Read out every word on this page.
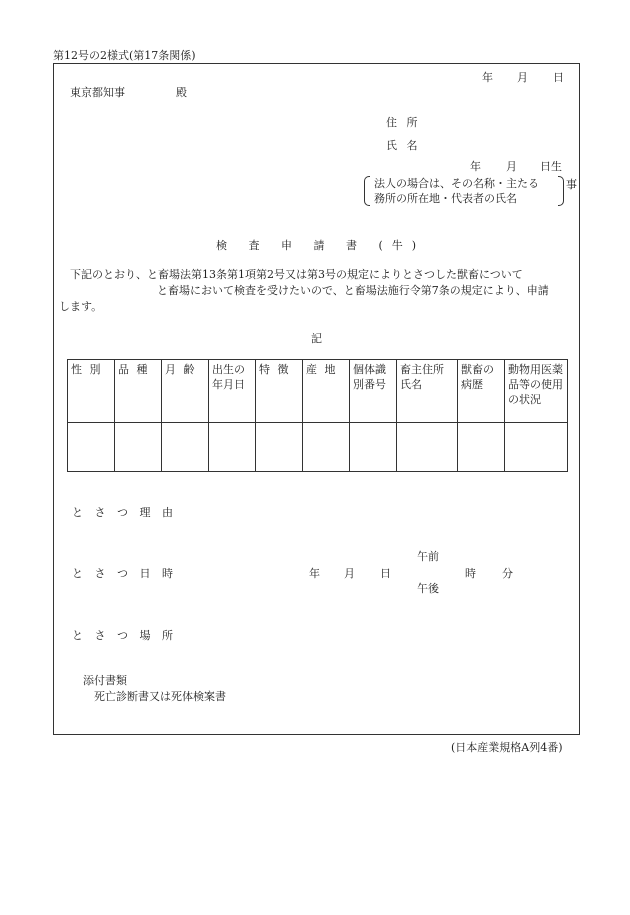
第12号の2様式(第17条関係)
年 月 日
東京都知事	殿
住 所
氏 名
年 月 日生
法人の場合は、その名称・主たる
務所の所在地・代表者の氏名
事
検 査 申 請 書 (牛)
下記のとおり、と畜場法第13条第1項第2号又は第3号の規定によりとさつした獣畜について
と畜場において検査を受けたいので、と畜場法施行令第7条の規定により、申請
します。
記
性 別	品 種	月 齢	出生の年月日	特 徴	産 地	個体識別番号	畜主住所氏名	獣畜の病歴	動物用医薬品等の使用の状況

と さ つ 理 由
と さ つ 日 時	年 月 日
午前
午後
時 分
と さ つ 場 所
添付書類
死亡診断書又は死体検案書
(日本産業規格A列4番)
